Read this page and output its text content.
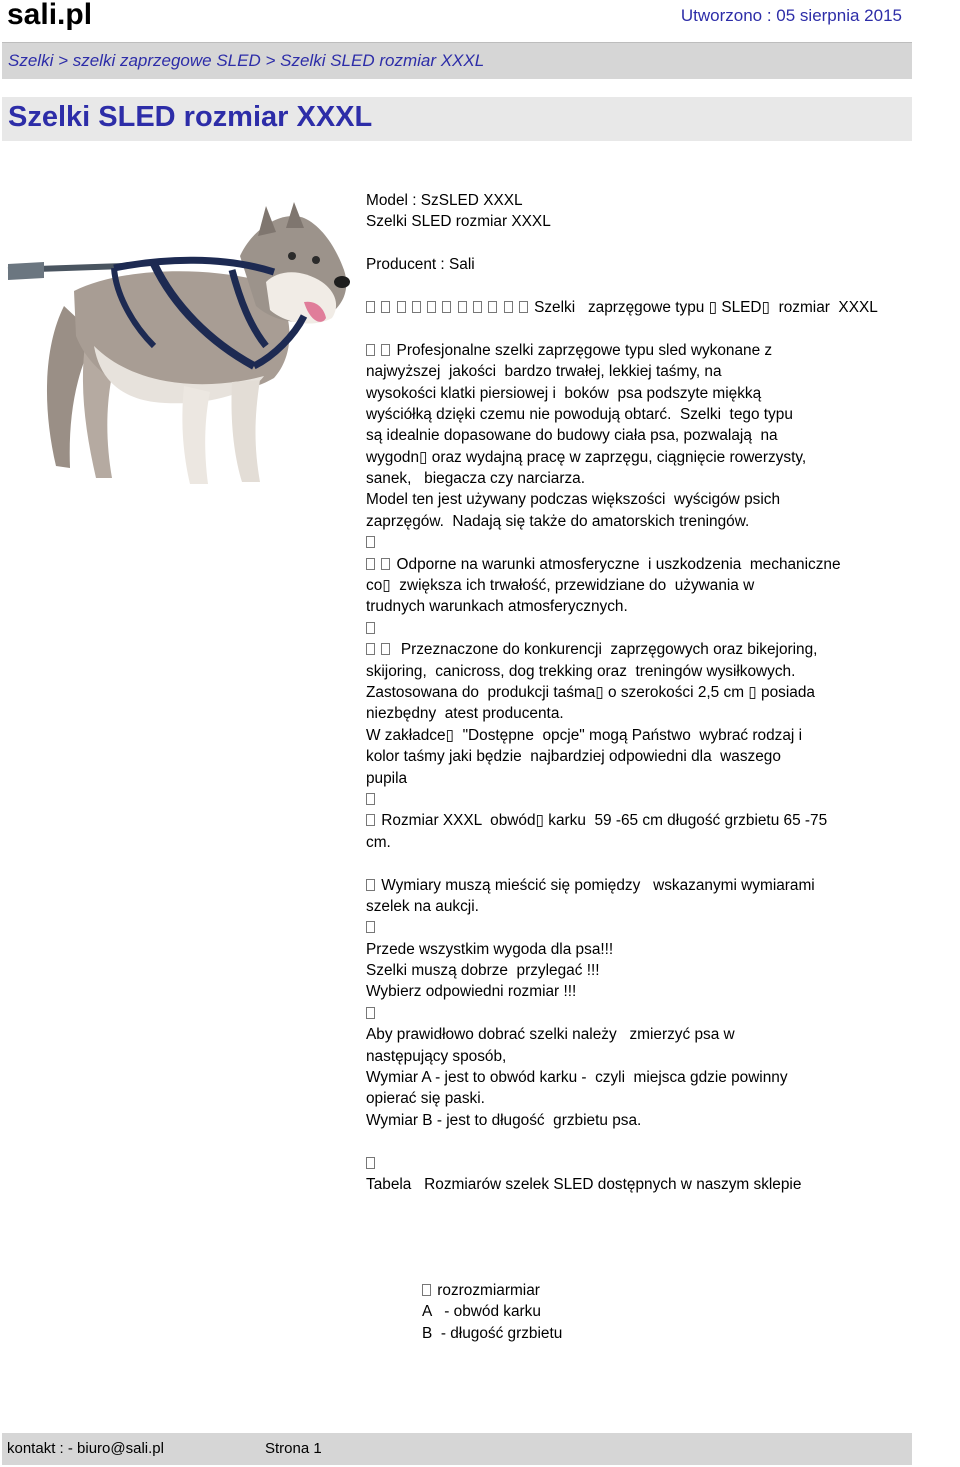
sali.pl	Utworzono : 05 sierpnia 2015
Szelki > szelki zaprzegowe SLED > Szelki SLED rozmiar XXXL
Szelki SLED rozmiar XXXL
Model : SzSLED XXXL
Szelki SLED rozmiar XXXL

Producent : Sali

Szelki   zaprzęgowe typu ▯ SLED▯  rozmiar  XXXL

Profesjonalne szelki zaprzęgowe typu sled wykonane z
najwyższej  jakości  bardzo trwałej, lekkiej taśmy, na
wysokości klatki piersiowej i  boków  psa podszyte miękką
wyściółką dzięki czemu nie powodują obtarć.  Szelki  tego typu
są idealnie dopasowane do budowy ciała psa, pozwalają  na
wygodn▯ oraz wydajną pracę w zaprzęgu, ciągnięcie rowerzysty,
sanek,   biegacza czy narciarza.
Model ten jest używany podczas większości  wyścigów psich
zaprzęgów.  Nadają się także do amatorskich treningów.
Odporne na warunki atmosferyczne  i uszkodzenia  mechaniczne
co▯  zwiększa ich trwałość, przewidziane do  używania w
trudnych warunkach atmosferycznych.
Przeznaczone do konkurencji  zaprzęgowych oraz bikejoring,
skijoring,  canicross, dog trekking oraz  treningów wysiłkowych.
Zastosowana do  produkcji taśma▯ o szerokości 2,5 cm ▯ posiada
niezbędny  atest producenta.
W zakładce▯  "Dostępne  opcje" mogą Państwo  wybrać rodzaj i
kolor taśmy jaki będzie  najbardziej odpowiedni dla  waszego
pupila
Rozmiar XXXL  obwód▯ karku  59 -65 cm długość grzbietu 65 -75
cm.

Wymiary muszą mieścić się pomiędzy   wskazanymi wymiarami
szelek na aukcji.
Przede wszystkim wygoda dla psa!!!
Szelki muszą dobrze  przylegać !!!
Wybierz odpowiedni rozmiar !!!
Aby prawidłowo dobrać szelki należy   zmierzyć psa w
następujący sposób,
Wymiar A - jest to obwód karku -  czyli  miejsca gdzie powinny
opierać się paski.
Wymiar B - jest to długość  grzbietu psa.

Tabela   Rozmiarów szelek SLED dostępnych w naszym sklepie
rozrozmiarmiar
A   - obwód karku
B  - długość grzbietu
kontakt : - biuro@sali.pl	Strona 1
